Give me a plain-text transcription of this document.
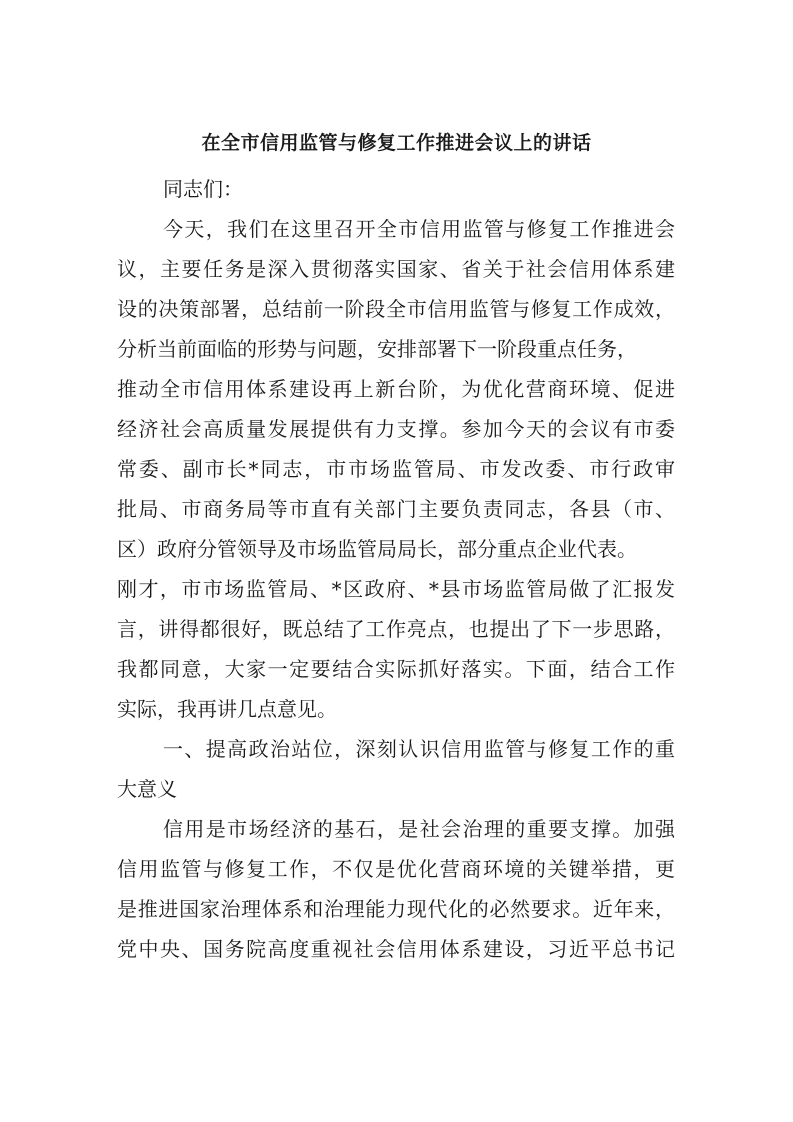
在全市信用监管与修复工作推进会议上的讲话
同志们：
今天，我们在这里召开全市信用监管与修复工作推进会
议，主要任务是深入贯彻落实国家、省关于社会信用体系建
设的决策部署，总结前一阶段全市信用监管与修复工作成效，
分析当前面临的形势与问题，安排部署下一阶段重点任务，
推动全市信用体系建设再上新台阶，为优化营商环境、促进
经济社会高质量发展提供有力支撑。参加今天的会议有市委
常委、副市长*同志，市市场监管局、市发改委、市行政审
批局、市商务局等市直有关部门主要负责同志，各县（市、
区）政府分管领导及市场监管局局长，部分重点企业代表。
刚才，市市场监管局、*区政府、*县市场监管局做了汇报发
言，讲得都很好，既总结了工作亮点，也提出了下一步思路，
我都同意，大家一定要结合实际抓好落实。下面，结合工作
实际，我再讲几点意见。
一、提高政治站位，深刻认识信用监管与修复工作的重
大意义
信用是市场经济的基石，是社会治理的重要支撑。加强
信用监管与修复工作，不仅是优化营商环境的关键举措，更
是推进国家治理体系和治理能力现代化的必然要求。近年来，
党中央、国务院高度重视社会信用体系建设，习近平总书记
